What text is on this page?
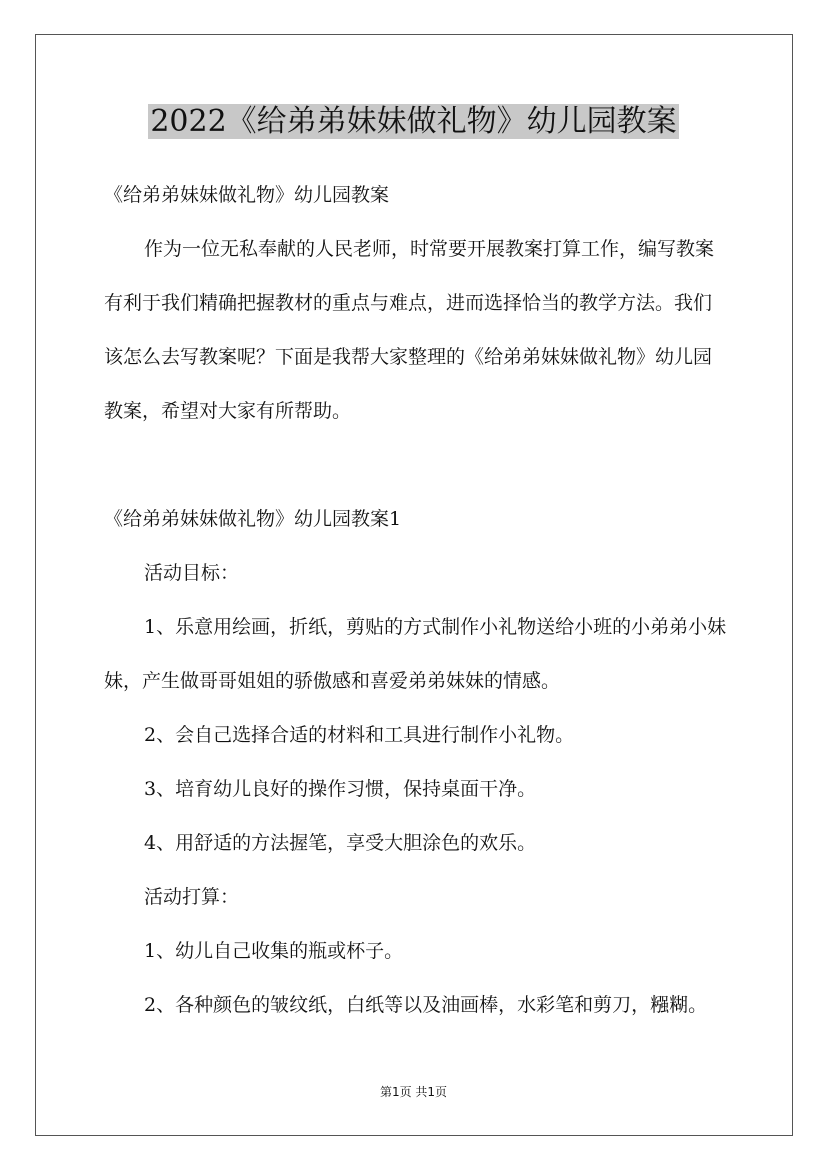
2022《给弟弟妹妹做礼物》幼儿园教案

《给弟弟妹妹做礼物》幼儿园教案

作为一位无私奉献的人民老师，时常要开展教案打算工作，编写教案有利于我们精确把握教材的重点与难点，进而选择恰当的教学方法。我们该怎么去写教案呢？下面是我帮大家整理的《给弟弟妹妹做礼物》幼儿园教案，希望对大家有所帮助。

《给弟弟妹妹做礼物》幼儿园教案1

活动目标：

1、乐意用绘画，折纸，剪贴的方式制作小礼物送给小班的小弟弟小妹妹，产生做哥哥姐姐的骄傲感和喜爱弟弟妹妹的情感。

2、会自己选择合适的材料和工具进行制作小礼物。

3、培育幼儿良好的操作习惯，保持桌面干净。

4、用舒适的方法握笔，享受大胆涂色的欢乐。

活动打算：

1、幼儿自己收集的瓶或杯子。

2、各种颜色的皱纹纸，白纸等以及油画棒，水彩笔和剪刀，糨糊。

第1页 共1页
